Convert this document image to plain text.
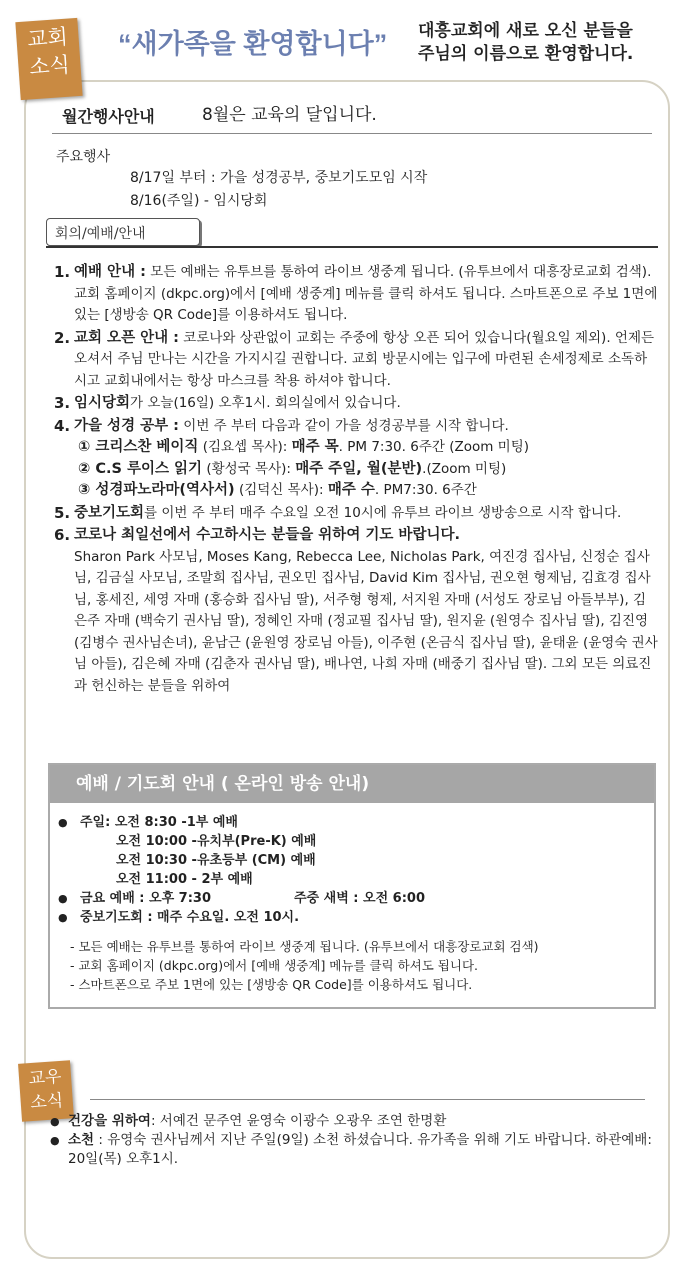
교회
소식
“새가족을 환영합니다” 대흥교회에 새로 오신 분들을
주님의 이름으로 환영합니다.
월간행사안내	8월은 교육의 달입니다.
주요행사
8/17일 부터 : 가을 성경공부, 중보기도모임 시작
8/16(주일) - 임시당회
회의/예배/안내
1. 예배 안내 : 모든 예배는 유투브를 통하여 라이브 생중계 됩니다. (유투브에서 대흥장로교회 검색). 교회 홈페이지 (dkpc.org)에서 [예배 생중계] 메뉴를 클릭 하셔도 됩니다. 스마트폰으로 주보 1면에 있는 [생방송 QR Code]를 이용하셔도 됩니다.
2. 교회 오픈 안내 : 코로나와 상관없이 교회는 주중에 항상 오픈 되어 있습니다(월요일 제외). 언제든 오셔서 주님 만나는 시간을 가지시길 권합니다. 교회 방문시에는 입구에 마련된 손세정제로 소독하시고 교회내에서는 항상 마스크를 착용 하셔야 합니다.
3. 임시당회가 오늘(16일) 오후1시. 회의실에서 있습니다.
4. 가을 성경 공부 : 이번 주 부터 다음과 같이 가을 성경공부를 시작 합니다.
① 크리스찬 베이직 (김요셉 목사): 매주 목. PM 7:30. 6주간 (Zoom 미팅)
② C.S 루이스 읽기 (황성국 목사): 매주 주일, 월(분반).(Zoom 미팅)
③ 성경파노라마(역사서) (김덕신 목사): 매주 수. PM7:30. 6주간
5. 중보기도회를 이번 주 부터 매주 수요일 오전 10시에 유투브 라이브 생방송으로 시작 합니다.
6. 코로나 최일선에서 수고하시는 분들을 위하여 기도 바랍니다.
Sharon Park 사모님, Moses Kang, Rebecca Lee, Nicholas Park, 여진경 집사님, 신정순 집사님, 김금실 사모님, 조말희 집사님, 권오민 집사님, David Kim 집사님, 권오현 형제님, 김효경 집사님, 홍세진, 세영 자매 (홍승화 집사님 딸), 서주형 형제, 서지원 자매 (서성도 장로님 아들부부), 김은주 자매 (백숙기 권사님 딸), 정혜인 자매 (정교필 집사님 딸), 원지윤 (원영수 집사님 딸), 김진영 (김병수 권사님손녀), 윤남근 (윤원영 장로님 아들), 이주현 (온금식 집사님 딸), 윤태윤 (윤영숙 권사님 아들), 김은혜 자매 (김춘자 권사님 딸), 배나연, 나희 자매 (배중기 집사님 딸). 그외 모든 의료진과 헌신하는 분들을 위하여
예배 / 기도회 안내 ( 온라인 방송 안내)
● 주일: 오전 8:30 -1부 예배
오전 10:00 -유치부(Pre-K) 예배
오전 10:30 -유초등부 (CM) 예배
오전 11:00 - 2부 예배
● 금요 예배 : 오후 7:30	주중 새벽 : 오전 6:00
● 중보기도회 : 매주 수요일. 오전 10시.
- 모든 예배는 유투브를 통하여 라이브 생중계 됩니다. (유투브에서 대흥장로교회 검색)
- 교회 홈페이지 (dkpc.org)에서 [예배 생중계] 메뉴를 클릭 하셔도 됩니다.
- 스마트폰으로 주보 1면에 있는 [생방송 QR Code]를 이용하셔도 됩니다.
교우
소식
● 건강을 위하여: 서예건 문주연 윤영숙 이광수 오광우 조연 한명환
● 소천 : 유영숙 권사님께서 지난 주일(9일) 소천 하셨습니다. 유가족을 위해 기도 바랍니다. 하관예배: 20일(목) 오후1시.
